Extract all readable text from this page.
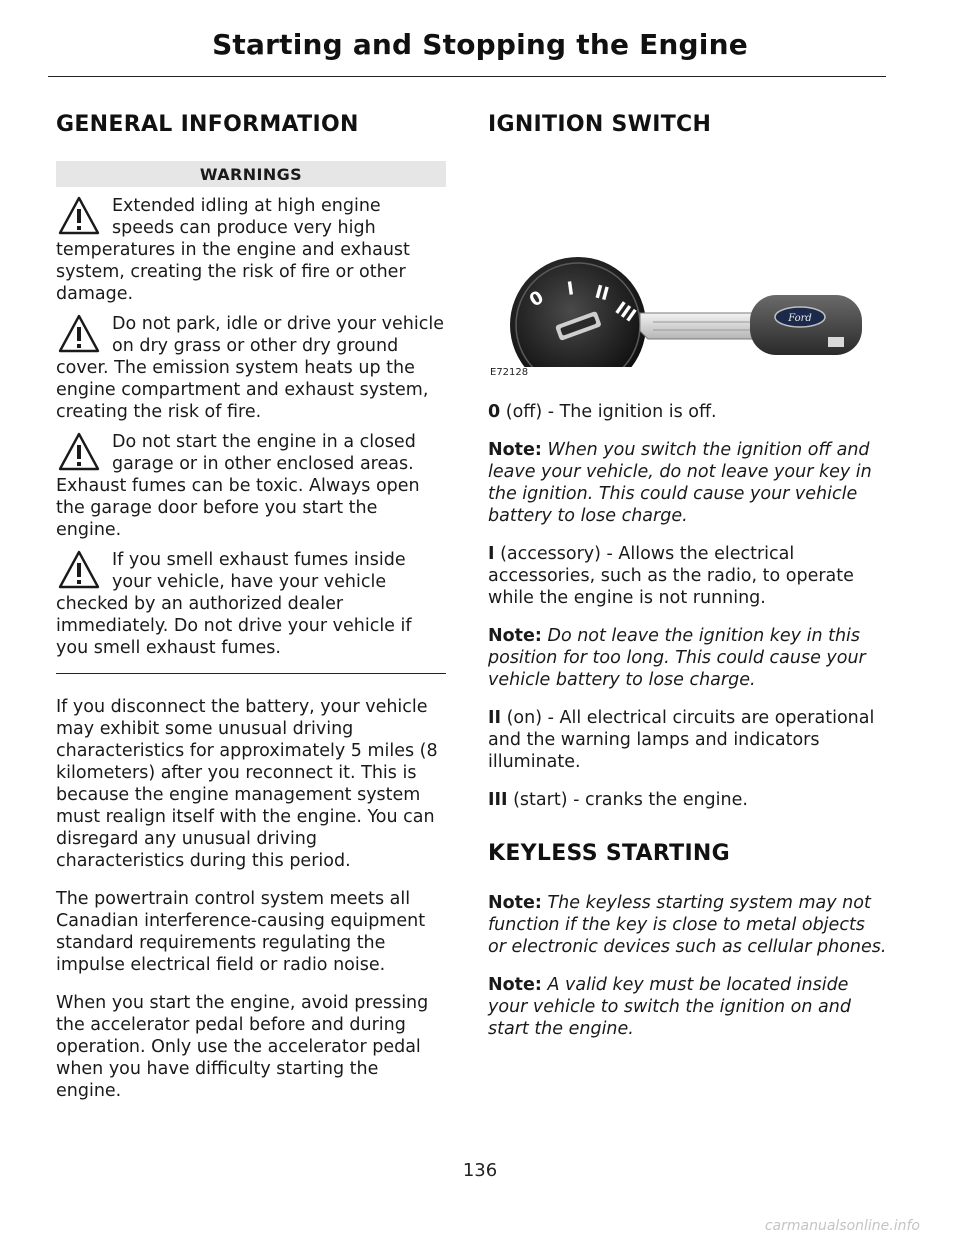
Starting and Stopping the Engine
GENERAL INFORMATION
WARNINGS
Extended idling at high engine speeds can produce very high temperatures in the engine and exhaust system, creating the risk of fire or other damage.
Do not park, idle or drive your vehicle on dry grass or other dry ground cover. The emission system heats up the engine compartment and exhaust system, creating the risk of fire.
Do not start the engine in a closed garage or in other enclosed areas. Exhaust fumes can be toxic. Always open the garage door before you start the engine.
If you smell exhaust fumes inside your vehicle, have your vehicle checked by an authorized dealer immediately. Do not drive your vehicle if you smell exhaust fumes.

If you disconnect the battery, your vehicle may exhibit some unusual driving characteristics for approximately 5 miles (8 kilometers) after you reconnect it. This is because the engine management system must realign itself with the engine. You can disregard any unusual driving characteristics during this period.

The powertrain control system meets all Canadian interference-causing equipment standard requirements regulating the impulse electrical field or radio noise.

When you start the engine, avoid pressing the accelerator pedal before and during operation. Only use the accelerator pedal when you have difficulty starting the engine.

IGNITION SWITCH
0 I II
III	Ford
E72128

0 (off) - The ignition is off.

Note: When you switch the ignition off and leave your vehicle, do not leave your key in the ignition. This could cause your vehicle battery to lose charge.

I (accessory) - Allows the electrical accessories, such as the radio, to operate while the engine is not running.

Note: Do not leave the ignition key in this position for too long. This could cause your vehicle battery to lose charge.

II (on) - All electrical circuits are operational and the warning lamps and indicators illuminate.

III (start) - cranks the engine.

KEYLESS STARTING

Note: The keyless starting system may not function if the key is close to metal objects or electronic devices such as cellular phones.

Note: A valid key must be located inside your vehicle to switch the ignition on and start the engine.

136
carmanualsonline.info
